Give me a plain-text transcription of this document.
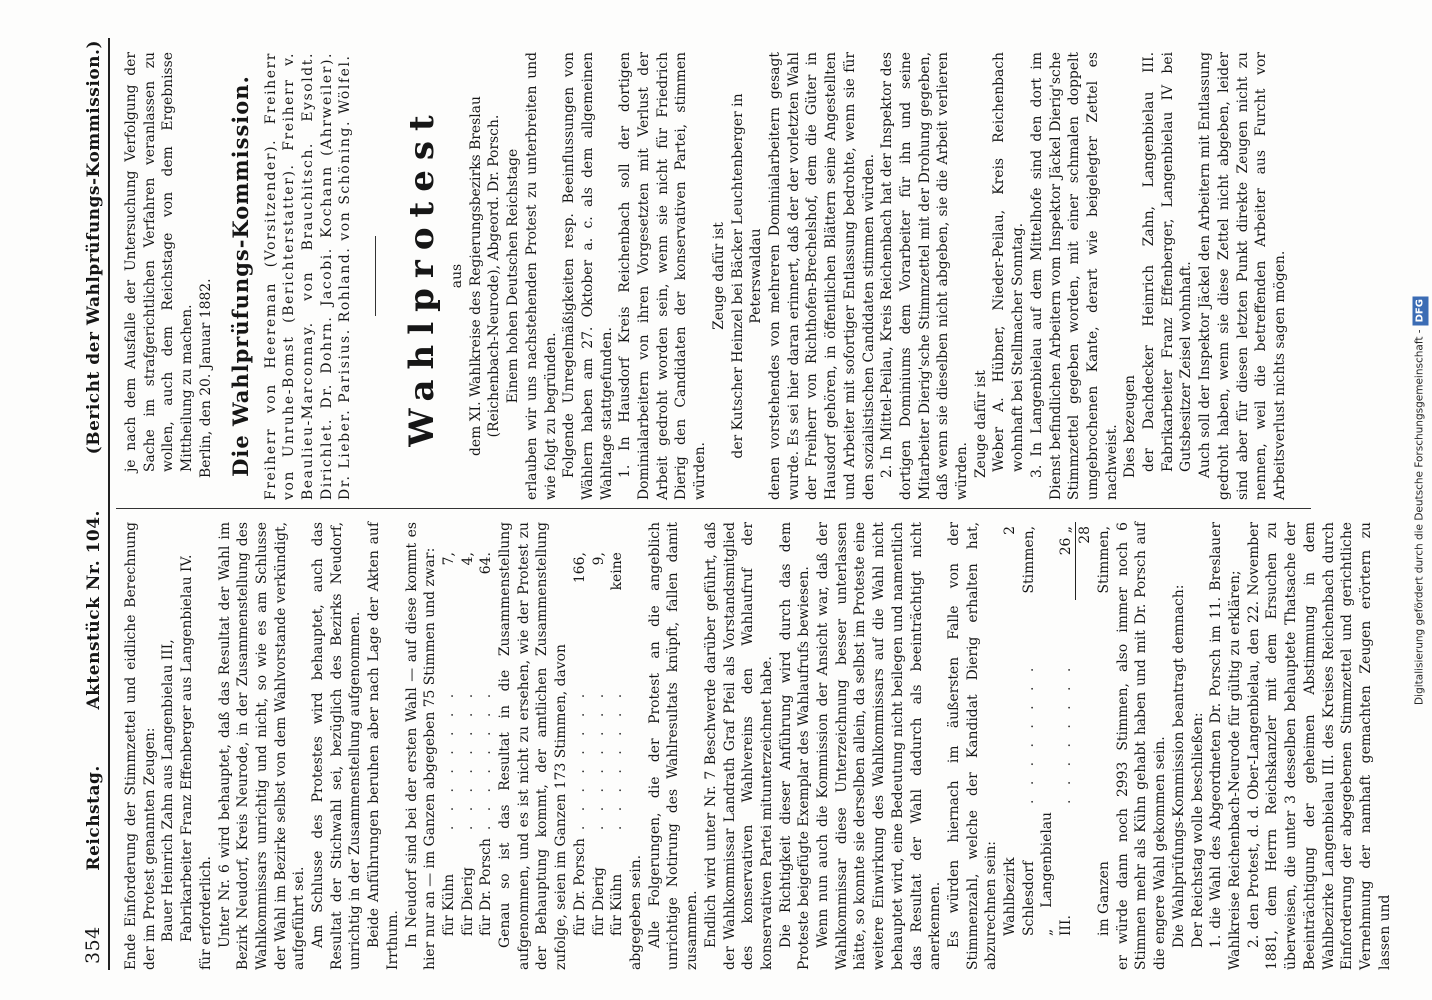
354
Reichstag.
Aktenstück Nr. 104.
(Bericht der Wahlprüfungs-Kommission.)

Ende Einforderung der Stimmzettel und eidliche Berechnung der im Protest genannten Zeugen: Bauer Heinrich Zahn aus Langenbielau III, Fabrikarbeiter Franz Effenberger aus Langenbielau IV. für erforderlich. Unter Nr. 6 wird behauptet, daß das Resultat der Wahl im Bezirk Neudorf, Kreis Neurode, in der Zusammenstellung des Wahlkommissars unrichtig und nicht, so wie es am Schlusse der Wahl im Bezirke selbst von dem Wahlvorstande verkündigt, aufgeführt sei. Am Schlusse des Protestes wird behauptet, auch das Resultat der Stichwahl sei, bezüglich des Bezirks Neudorf, unrichtig in der Zusammenstellung aufgenommen. Beide Anführungen beruhen aber nach Lage der Akten auf Irrthum. In Neudorf sind bei der ersten Wahl — auf diese kommt es hier nur an — im Ganzen abgegeben 75 Stimmen und zwar: für Kühn	. . . . . . . .	7,
für Dierig	. . . . . . . .	4,
für Dr. Porsch	. . . . . . . .	64. Genau so ist das Resultat in die Zusammenstellung aufgenommen, und es ist nicht zu ersehen, wie der Protest zu der Behauptung kommt, der amtlichen Zusammenstellung zufolge, seien im Ganzen 173 Stimmen, davon für Dr. Porsch	. . . . . . . .	166,
für Dierig	. . . . . . . .	9,
für Kühn	. . . . . . . .	keine

abgegeben sein. Alle Folgerungen, die der Protest an die angeblich unrichtige Notirung des Wahlresultats knüpft, fallen damit zusammen. Endlich wird unter Nr. 7 Beschwerde darüber geführt, daß der Wahlkommissar Landrath Graf Pfeil als Vorstandsmitglied des konservativen Wahlvereins den Wahlaufruf der konservativen Partei mitunterzeichnet habe. Die Richtigkeit dieser Anführung wird durch das dem Proteste beigefügte Exemplar des Wahlaufrufs bewiesen. Wenn nun auch die Kommission der Ansicht war, daß der Wahlkommissar diese Unterzeichnung besser unterlassen hätte, so konnte sie derselben allein, da selbst im Proteste eine weitere Einwirkung des Wahlkommissars auf die Wahl nicht behauptet wird, eine Bedeutung nicht beilegen und namentlich das Resultat der Wahl dadurch als beeinträchtigt nicht anerkennen. Es würden hiernach im äußersten Falle von der Stimmenzahl, welche der Kandidat Dierig erhalten hat, abzurechnen sein: Wahlbezirk Schlesdorf	. . . . . . . .	2 Stimmen,
„ Langenbielau III.	. . . . . . . .	26 „
im Ganzen		28 Stimmen, er würde dann noch 2993 Stimmen, also immer noch 6 Stimmen mehr als Kühn gehabt haben und mit Dr. Porsch auf die engere Wahl gekommen sein. Die Wahlprüfungs-Kommission beantragt demnach: Der Reichstag wolle beschließen: 1. die Wahl des Abgeordneten Dr. Porsch im 11. Breslauer Wahlkreise Reichenbach-Neurode für gültig zu erklären; 2. den Protest, d. d. Ober-Langenbielau, den 22. November 1881, dem Herrn Reichskanzler mit dem Ersuchen zu überweisen, die unter 3 desselben behauptete Thatsache der Beeinträchtigung der geheimen Abstimmung in dem Wahlbezirke Langenbielau III. des Kreises Reichenbach durch Einforderung der abgegebenen Stimmzettel und gerichtliche Vernehmung der namhaft gemachten Zeugen erörtern zu lassen und

je nach dem Ausfalle der Untersuchung Verfolgung der Sache im strafgerichtlichen Verfahren veranlassen zu wollen, auch dem Reichstage von dem Ergebnisse Mittheilung zu machen. Berlin, den 20. Januar 1882. Die Wahlprüfungs-Kommission. Freiherr von Heereman (Vorsitzender). Freiherr von Unruhe-Bomst (Berichterstatter). Freiherr v. Beaulieu-Marconnay. von Brauchitsch. Eysoldt. Dirichlet. Dr. Dohrn. Jacobi. Kochann (Ahrweiler). Dr. Lieber. Parisius. Rohland. von Schöning. Wölfel. Wahlprotest aus dem XI. Wahlkreise des Regierungsbezirks Breslau (Reichenbach-Neurode), Abgeord. Dr. Porsch. Einem hohen Deutschen Reichstage erlauben wir uns nachstehenden Protest zu unterbreiten und wie folgt zu begründen. Folgende Unregelmäßigkeiten resp. Beeinflussungen von Wählern haben am 27. Oktober a. c. als dem allgemeinen Wahltage stattgefunden. 1. In Hausdorf Kreis Reichenbach soll der dortigen Dominialarbeitern von ihren Vorgesetzten mit Verlust der Arbeit gedroht worden sein, wenn sie nicht für Friedrich Dierig den Candidaten der konservativen Partei, stimmen würden.

Zeuge dafür ist der Kutscher Heinzel bei Bäcker Leuchtenberger in Peterswaldau denen vorstehendes von mehreren Dominialarbeitern gesagt wurde. Es sei hier daran erinnert, daß der der vorletzten Wahl der Freiherr von Richthofen-Brechelshof, dem die Güter in Hausdorf gehören, in öffentlichen Blättern seine Angestellten und Arbeiter mit sofortiger Entlassung bedrohte, wenn sie für den sozialistischen Candidaten stimmen würden. 2. In Mittel-Peilau, Kreis Reichenbach hat der Inspektor des dortigen Dominiums dem Vorarbeiter für ihn und seine Mitarbeiter Dierig'sche Stimmzettel mit der Drohung gegeben, daß wenn sie dieselben nicht abgeben, sie die Arbeit verlieren würden. Zeuge dafür ist Weber A. Hübner, Nieder-Peilau, Kreis Reichenbach wohnhaft bei Stellmacher Sonntag. 3. In Langenbielau auf dem Mittelhofe sind den dort im Dienst befindlichen Arbeitern vom Inspektor Jäckel Dierig'sche Stimmzettel gegeben worden, mit einer schmalen doppelt umgebrochenen Kante, derart wie beigelegter Zettel es nachweist. Dies bezeugen der Dachdecker Heinrich Zahn, Langenbielau III. Fabrikarbeiter Franz Effenberger, Langenbielau IV bei Gutsbesitzer Zeisel wohnhaft. Auch soll der Inspektor Jäckel den Arbeitern mit Entlassung gedroht haben, wenn sie diese Zettel nicht abgeben, leider sind aber für diesen letzten Punkt direkte Zeugen nicht zu nennen, weil die betreffenden Arbeiter aus Furcht vor Arbeitsverlust nichts sagen mögen.	Digitalisierung gefördert durch die Deutsche Forschungsgemeinschaft -DFG
